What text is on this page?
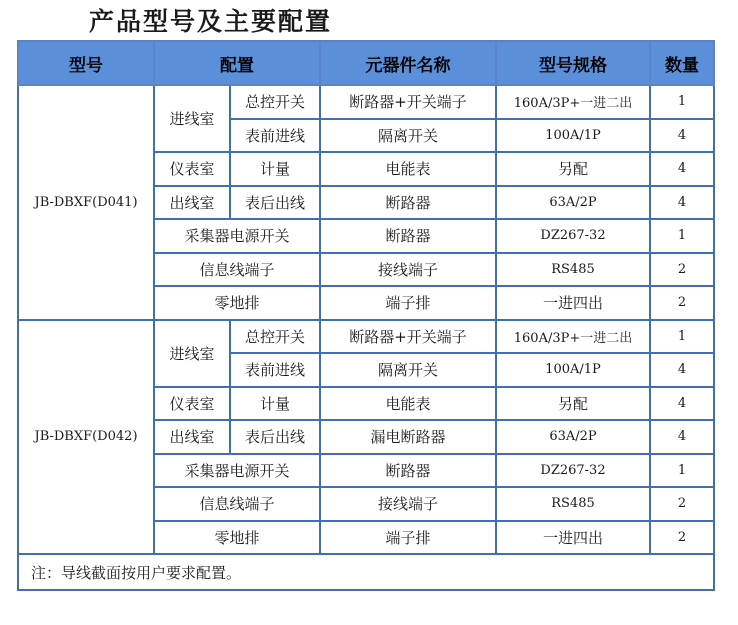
产品型号及主要配置
型号	配置		元器件名称	型号规格	数量
JB-DBXF(D041)	进线室	总控开关	断路器+开关端子	160A/3P+一进二出	1
		表前进线	隔离开关	100A/1P	4
	仪表室	计量	电能表	另配	4
	出线室	表后出线	断路器	63A/2P	4
	采集器电源开关		断路器	DZ267-32	1
	信息线端子		接线端子	RS485	2
	零地排		端子排	一进四出	2
JB-DBXF(D042)	进线室	总控开关	断路器+开关端子	160A/3P+一进二出	1
		表前进线	隔离开关	100A/1P	4
	仪表室	计量	电能表	另配	4
	出线室	表后出线	漏电断路器	63A/2P	4
	采集器电源开关		断路器	DZ267-32	1
	信息线端子		接线端子	RS485	2
	零地排		端子排	一进四出	2
注：导线截面按用户要求配置。					
